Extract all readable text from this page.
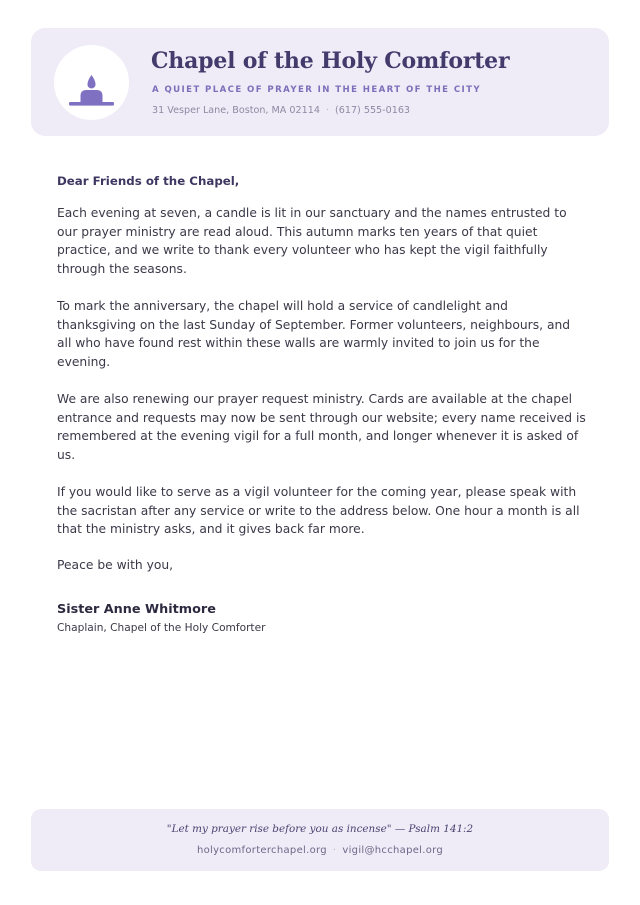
Chapel of the Holy Comforter
A QUIET PLACE OF PRAYER IN THE HEART OF THE CITY
31 Vesper Lane, Boston, MA 02114 · (617) 555-0163

Dear Friends of the Chapel,

Each evening at seven, a candle is lit in our sanctuary and the names entrusted to our prayer ministry are read aloud. This autumn marks ten years of that quiet practice, and we write to thank every volunteer who has kept the vigil faithfully through the seasons.

To mark the anniversary, the chapel will hold a service of candlelight and thanksgiving on the last Sunday of September. Former volunteers, neighbours, and all who have found rest within these walls are warmly invited to join us for the evening.

We are also renewing our prayer request ministry. Cards are available at the chapel entrance and requests may now be sent through our website; every name received is remembered at the evening vigil for a full month, and longer whenever it is asked of us.

If you would like to serve as a vigil volunteer for the coming year, please speak with the sacristan after any service or write to the address below. One hour a month is all that the ministry asks, and it gives back far more.

Peace be with you,

Sister Anne Whitmore

Chaplain, Chapel of the Holy Comforter

"Let my prayer rise before you as incense" — Psalm 141:2
holycomforterchapel.org · vigil@hcchapel.org
